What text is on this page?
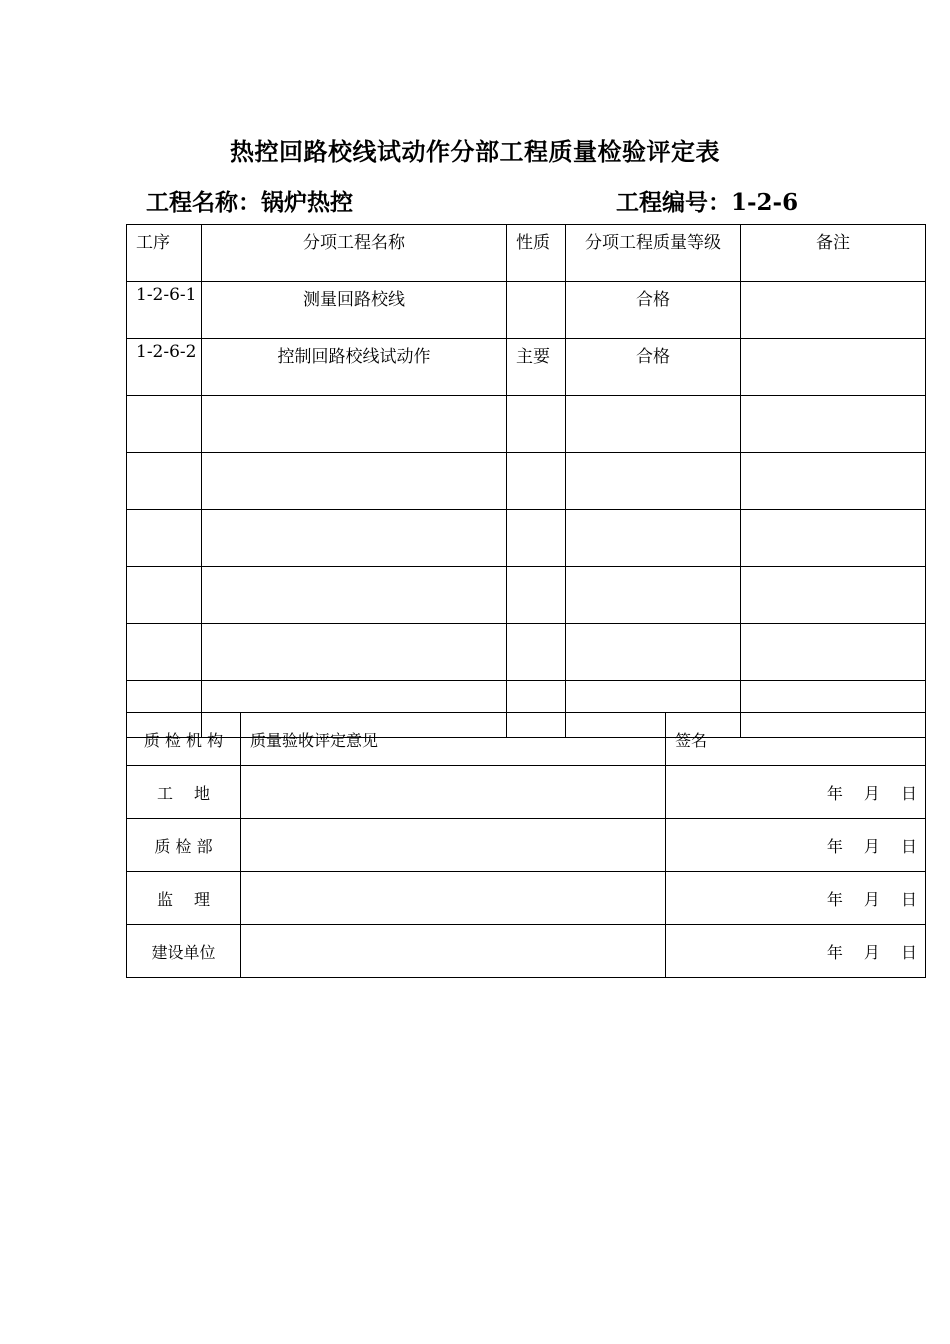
热控回路校线试动作分部工程质量检验评定表
工程名称：锅炉热控	工程编号：1-2-6
工序	分项工程名称	性质	分项工程质量等级	备注
1-2-6-1	测量回路校线		合格	
1-2-6-2	控制回路校线试动作	主要	合格	

质 检 机 构	质量验收评定意见	签名
工　 地		年　 月　 日
质 检 部		年　 月　 日
监　 理		年　 月　 日
建设单位		年　 月　 日
